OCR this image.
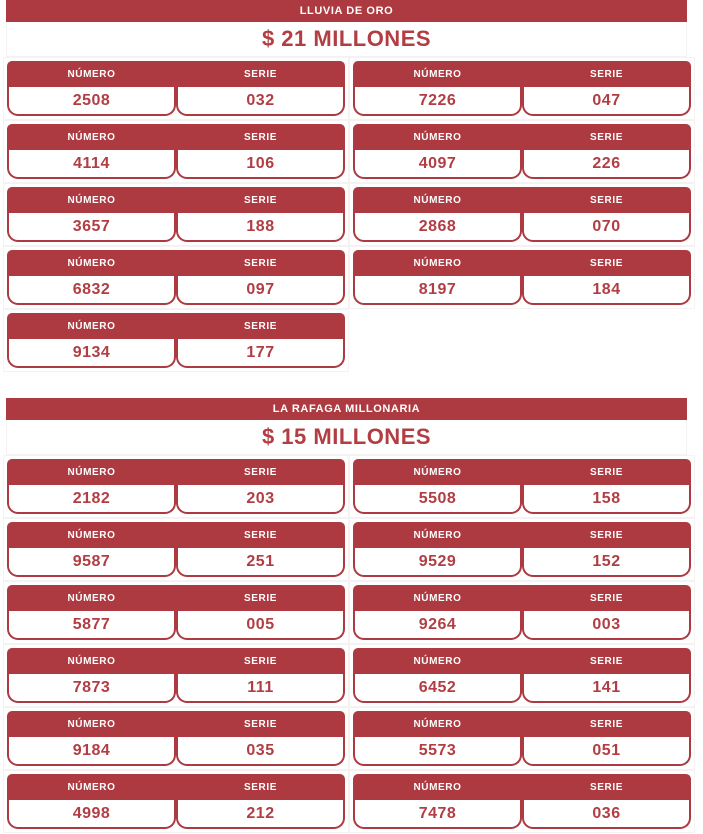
LLUVIA DE ORO
$ 21 MILLONES
NÚMERO	SERIE
2508	032
NÚMERO	SERIE
7226	047
NÚMERO	SERIE
4114	106
NÚMERO	SERIE
4097	226
NÚMERO	SERIE
3657	188
NÚMERO	SERIE
2868	070
NÚMERO	SERIE
6832	097
NÚMERO	SERIE
8197	184
NÚMERO	SERIE
9134	177
LA RAFAGA MILLONARIA
$ 15 MILLONES
NÚMERO	SERIE
2182	203
NÚMERO	SERIE
5508	158
NÚMERO	SERIE
9587	251
NÚMERO	SERIE
9529	152
NÚMERO	SERIE
5877	005
NÚMERO	SERIE
9264	003
NÚMERO	SERIE
7873	111
NÚMERO	SERIE
6452	141
NÚMERO	SERIE
9184	035
NÚMERO	SERIE
5573	051
NÚMERO	SERIE
4998	212
NÚMERO	SERIE
7478	036
